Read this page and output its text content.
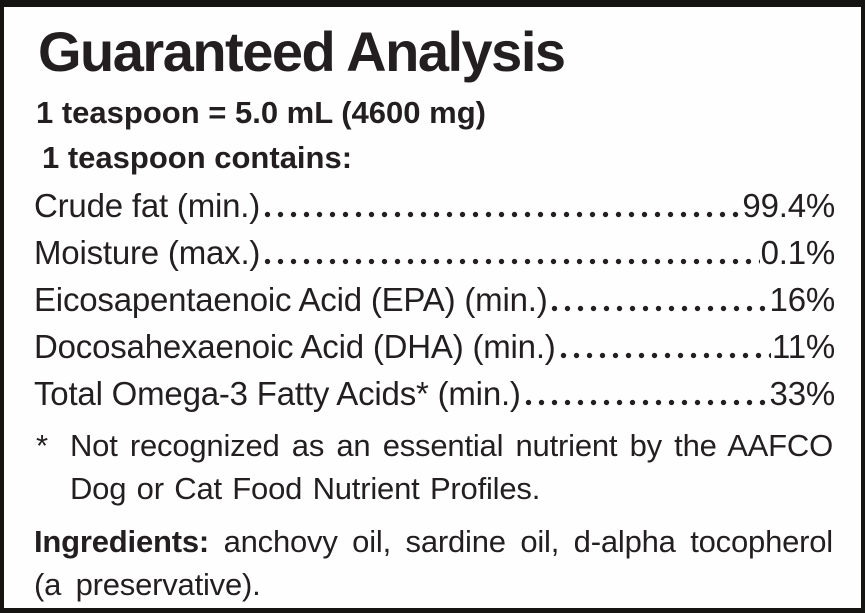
Guaranteed Analysis

1 teaspoon = 5.0 mL (4600 mg)

1 teaspoon contains:

Crude fat (min.)	99.4%
Moisture (max.)	0.1%
Eicosapentaenoic Acid (EPA) (min.)	16%
Docosahexaenoic Acid (DHA) (min.)	11%
Total Omega-3 Fatty Acids* (min.)	33%
* Not recognized as an essential nutrient by the AAFCO Dog or Cat Food Nutrient Profiles.

Ingredients: anchovy oil, sardine oil, d-alpha tocopherol (a preservative).
